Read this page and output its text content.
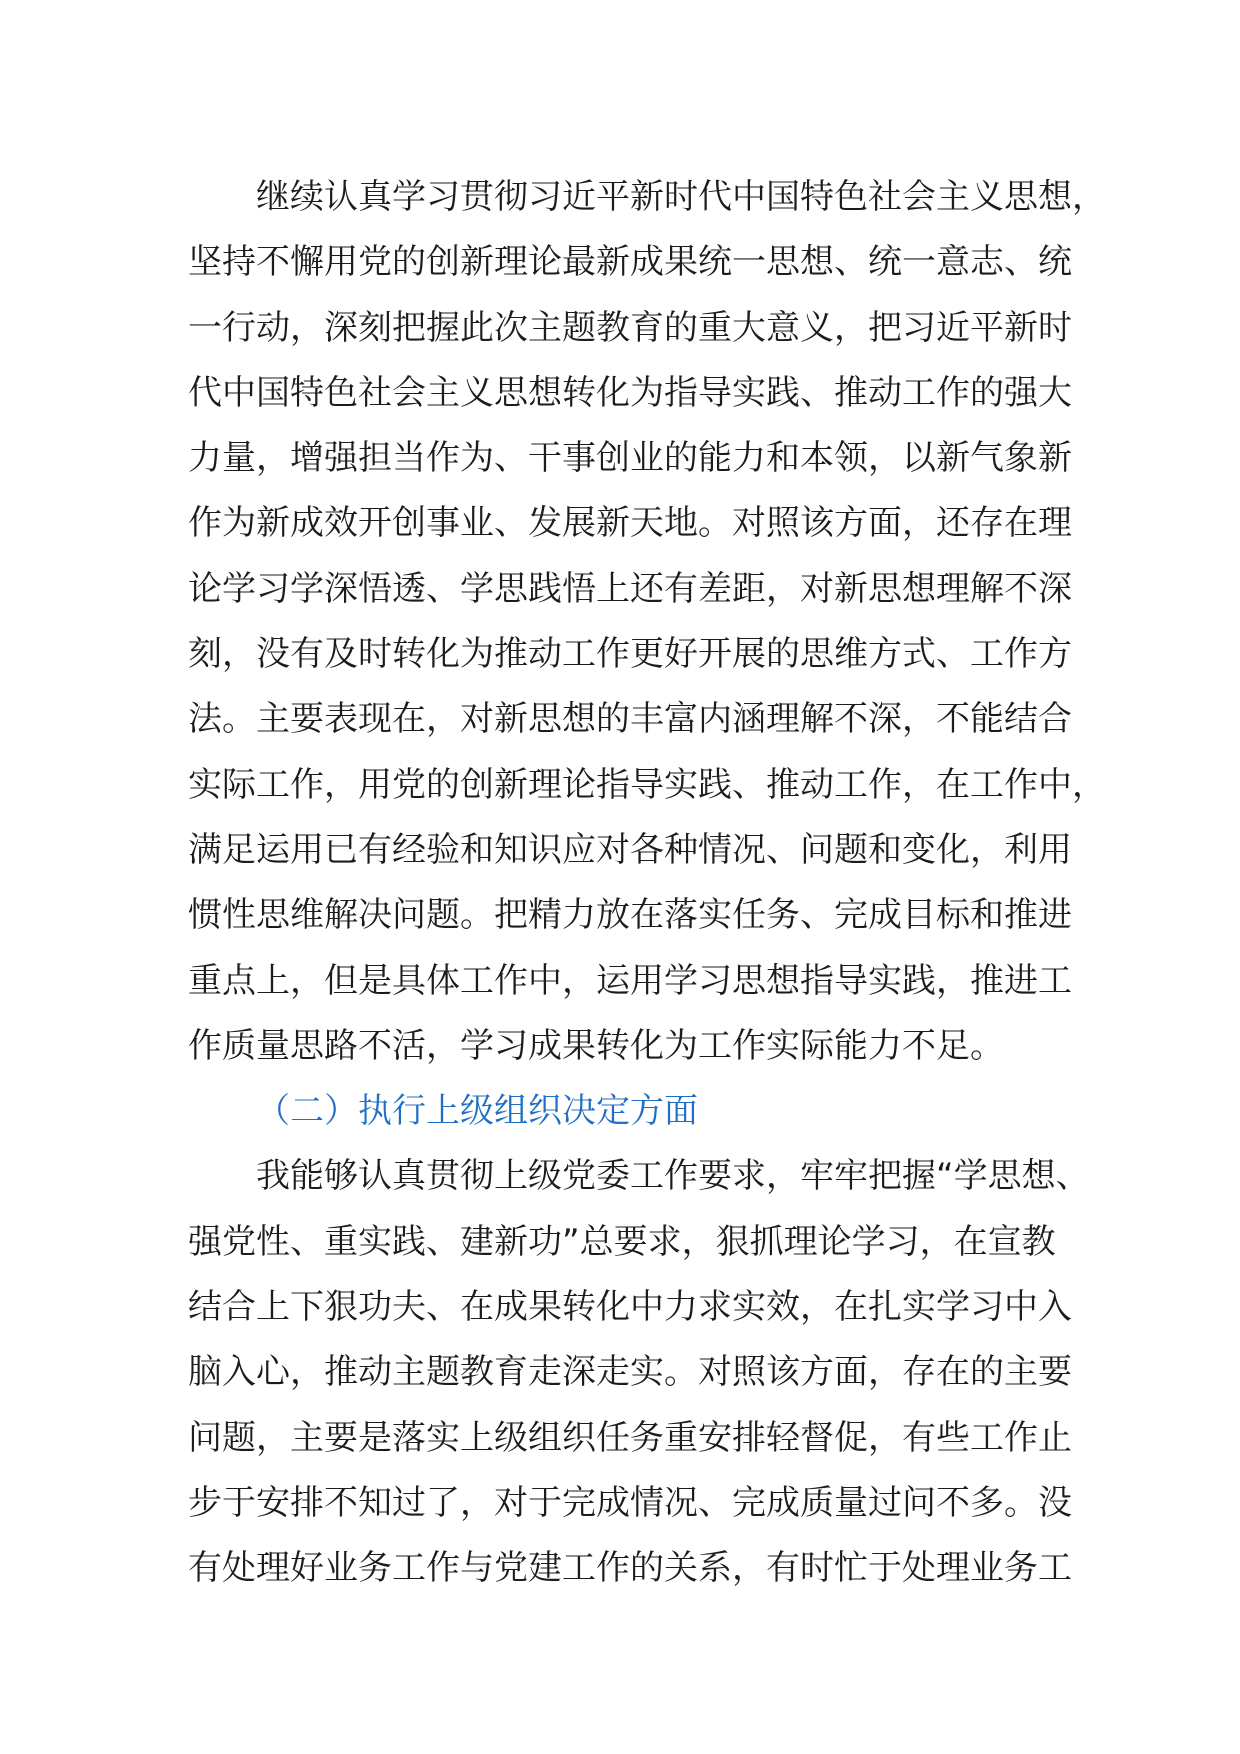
继续认真学习贯彻习近平新时代中国特色社会主义思想，
坚持不懈用党的创新理论最新成果统一思想、统一意志、统
一行动，深刻把握此次主题教育的重大意义，把习近平新时
代中国特色社会主义思想转化为指导实践、推动工作的强大
力量，增强担当作为、干事创业的能力和本领，以新气象新
作为新成效开创事业、发展新天地。对照该方面，还存在理
论学习学深悟透、学思践悟上还有差距，对新思想理解不深
刻，没有及时转化为推动工作更好开展的思维方式、工作方
法。主要表现在，对新思想的丰富内涵理解不深，不能结合
实际工作，用党的创新理论指导实践、推动工作，在工作中，
满足运用已有经验和知识应对各种情况、问题和变化，利用
惯性思维解决问题。把精力放在落实任务、完成目标和推进
重点上，但是具体工作中，运用学习思想指导实践，推进工
作质量思路不活，学习成果转化为工作实际能力不足。
（二）执行上级组织决定方面
我能够认真贯彻上级党委工作要求，牢牢把握“学思想、
强党性、重实践、建新功”总要求，狠抓理论学习，在宣教
结合上下狠功夫、在成果转化中力求实效，在扎实学习中入
脑入心，推动主题教育走深走实。对照该方面，存在的主要
问题，主要是落实上级组织任务重安排轻督促，有些工作止
步于安排不知过了，对于完成情况、完成质量过问不多。没
有处理好业务工作与党建工作的关系，有时忙于处理业务工
